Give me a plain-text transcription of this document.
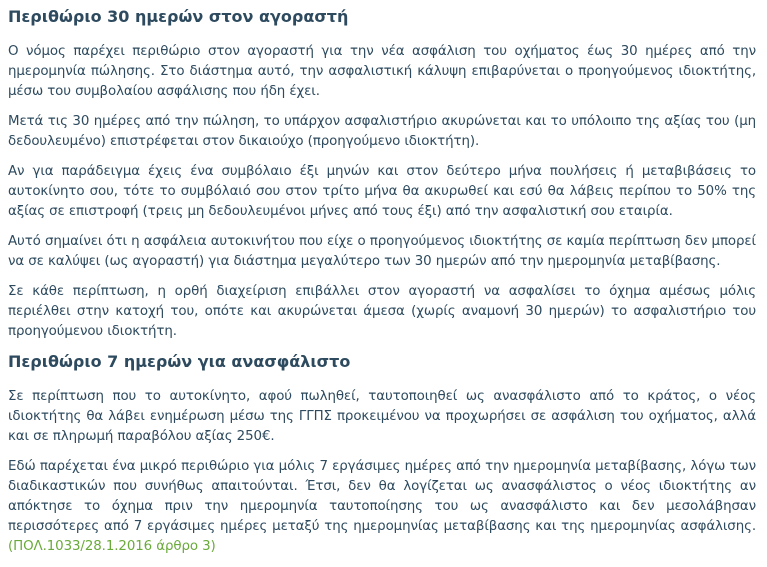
Περιθώριο 30 ημερών στον αγοραστή

Ο νόμος παρέχει περιθώριο στον αγοραστή για την νέα ασφάλιση του οχήματος έως 30 ημέρες από την ημερομηνία πώλησης. Στο διάστημα αυτό, την ασφαλιστική κάλυψη επιβαρύνεται ο προηγούμενος ιδιοκτήτης, μέσω του συμβολαίου ασφάλισης που ήδη έχει.

Μετά τις 30 ημέρες από την πώληση, το υπάρχον ασφαλιστήριο ακυρώνεται και το υπόλοιπο της αξίας του (μη δεδουλευμένο) επιστρέφεται στον δικαιούχο (προηγούμενο ιδιοκτήτη).

Αν για παράδειγμα έχεις ένα συμβόλαιο έξι μηνών και στον δεύτερο μήνα πουλήσεις ή μεταβιβάσεις το αυτοκίνητο σου, τότε το συμβόλαιό σου στον τρίτο μήνα θα ακυρωθεί και εσύ θα λάβεις περίπου το 50% της αξίας σε επιστροφή (τρεις μη δεδουλευμένοι μήνες από τους έξι) από την ασφαλιστική σου εταιρία.

Αυτό σημαίνει ότι η ασφάλεια αυτοκινήτου που είχε ο προηγούμενος ιδιοκτήτης σε καμία περίπτωση δεν μπορεί να σε καλύψει (ως αγοραστή) για διάστημα μεγαλύτερο των 30 ημερών από την ημερομηνία μεταβίβασης.

Σε κάθε περίπτωση, η ορθή διαχείριση επιβάλλει στον αγοραστή να ασφαλίσει το όχημα αμέσως μόλις περιέλθει στην κατοχή του, οπότε και ακυρώνεται άμεσα (χωρίς αναμονή 30 ημερών) το ασφαλιστήριο του προηγούμενου ιδιοκτήτη.

Περιθώριο 7 ημερών για ανασφάλιστο

Σε περίπτωση που το αυτοκίνητο, αφού πωληθεί, ταυτοποιηθεί ως ανασφάλιστο από το κράτος, ο νέος ιδιοκτήτης θα λάβει ενημέρωση μέσω της ΓΓΠΣ προκειμένου να προχωρήσει σε ασφάλιση του οχήματος, αλλά και σε πληρωμή παραβόλου αξίας 250€.

Εδώ παρέχεται ένα μικρό περιθώριο για μόλις 7 εργάσιμες ημέρες από την ημερομηνία μεταβίβασης, λόγω των διαδικαστικών που συνήθως απαιτούνται. Έτσι, δεν θα λογίζεται ως ανασφάλιστος ο νέος ιδιοκτήτης αν απόκτησε το όχημα πριν την ημερομηνία ταυτοποίησης του ως ανασφάλιστο και δεν μεσολάβησαν περισσότερες από 7 εργάσιμες ημέρες μεταξύ της ημερομηνίας μεταβίβασης και της ημερομηνίας ασφάλισης. (ΠΟΛ.1033/28.1.2016 άρθρο 3)
